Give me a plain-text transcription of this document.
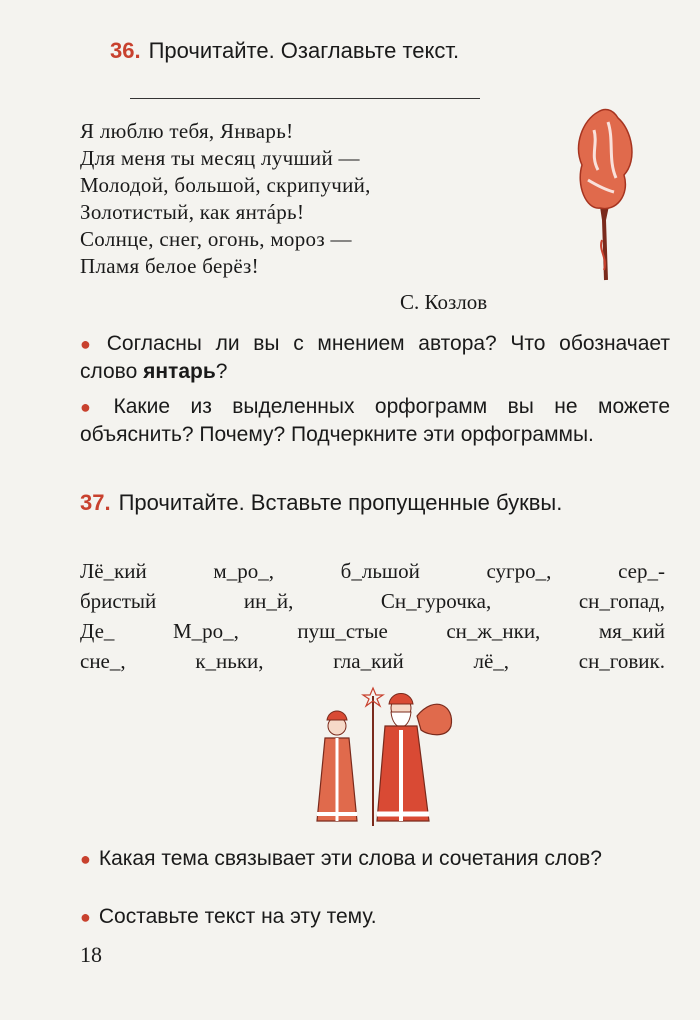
36. Прочитайте. Озаглавьте текст.
Я люблю тебя, Январь!
Для меня ты месяц лучший —
Молодой, большой, скрипучий,
Золотистый, как янтáрь!
Солнце, снег, огонь, мороз —
Пламя белое берёз!
С. Козлов
● Согласны ли вы с мнением автора? Что обозначает слово янтарь?
● Какие из выделенных орфограмм вы не можете объяснить? Почему? Подчеркните эти орфограммы.
37. Прочитайте. Вставьте пропущенные буквы.
Лё_кий м_ро_, б_льшой сугро_, сер_-
бристый ин_й, Сн_гурочка, сн_гопад,
Де_ М_ро_, пуш_стые сн_ж_нки, мя_кий
сне_, к_ньки, гла_кий лё_, сн_говик.
● Какая тема связывает эти слова и сочетания слов?
● Составьте текст на эту тему.
18
